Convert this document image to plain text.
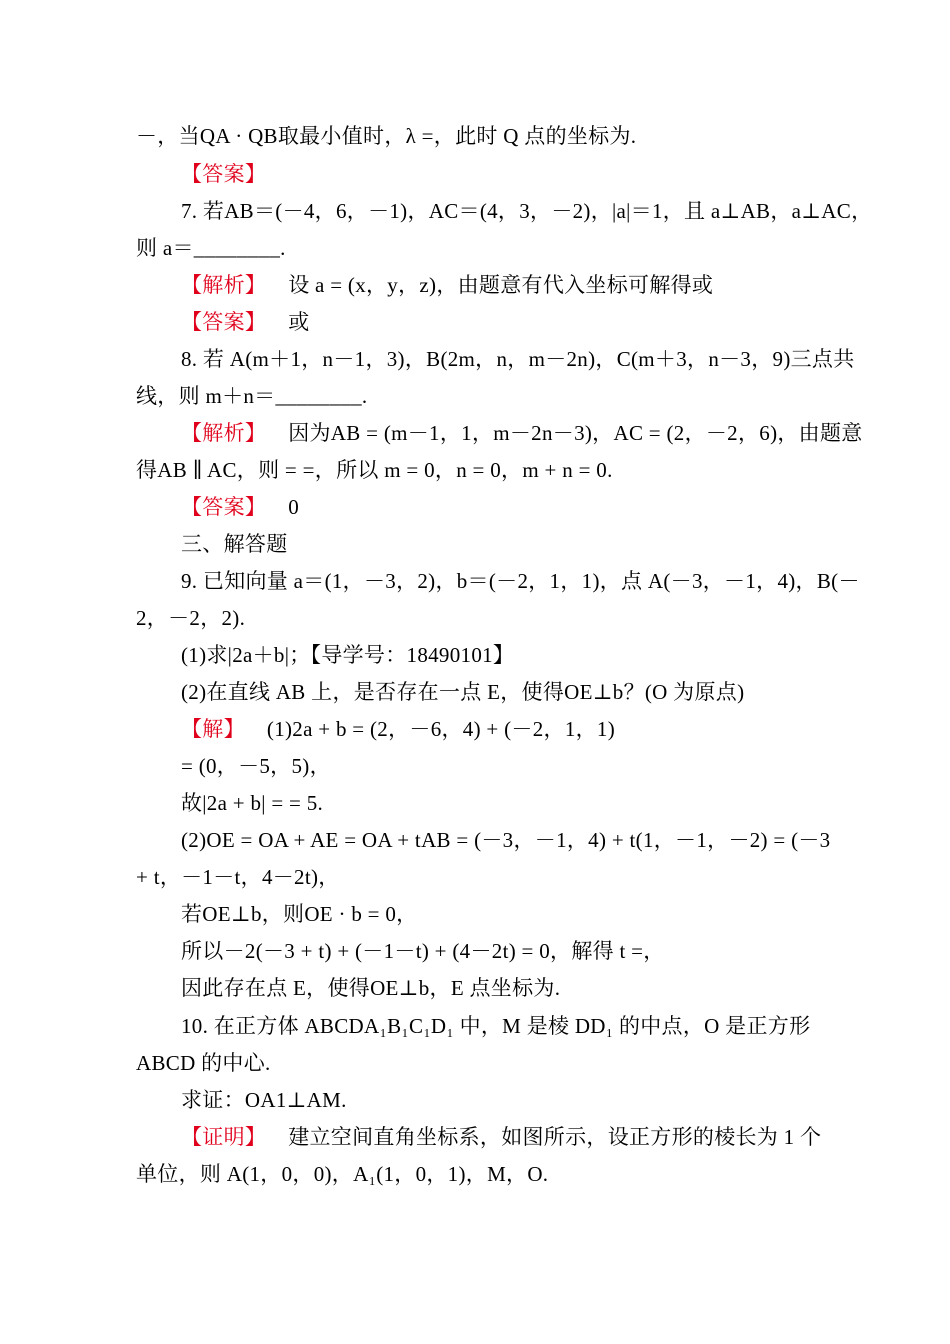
－，当QA · QB取最小值时，λ =，此时 Q 点的坐标为.
【答案】
7. 若AB＝(－4，6，－1)，AC＝(4，3，－2)，|a|＝1，且 a⊥AB，a⊥AC，
则 a＝________.
【解析】 设 a = (x，y，z)，由题意有代入坐标可解得或
【答案】 或
8. 若 A(m＋1，n－1，3)，B(2m，n，m－2n)，C(m＋3，n－3，9)三点共
线，则 m＋n＝________.
【解析】 因为AB = (m－1，1，m－2n－3)，AC = (2，－2，6)，由题意
得AB ∥ AC，则 = =，所以 m = 0，n = 0，m + n = 0.
【答案】 0
三、解答题
9. 已知向量 a＝(1，－3，2)，b＝(－2，1，1)，点 A(－3，－1，4)，B(－
2，－2，2).
(1)求|2a＋b|；【导学号：18490101】
(2)在直线 AB 上，是否存在一点 E，使得OE⊥b？(O 为原点)
【解】 (1)2a + b = (2，－6，4) + (－2，1，1)
= (0，－5，5)，
故|2a + b| = = 5.
(2)OE = OA + AE = OA + tAB = (－3，－1，4) + t(1，－1，－2) = (－3
+ t，－1－t，4－2t)，
若OE⊥b，则OE · b = 0，
所以－2(－3 + t) + (－1－t) + (4－2t) = 0，解得 t =，
因此存在点 E，使得OE⊥b，E 点坐标为.
10. 在正方体 ABCDA₁B₁C₁D₁ 中，M 是棱 DD₁ 的中点，O 是正方形
ABCD 的中心.
求证：OA1⊥AM.
【证明】 建立空间直角坐标系，如图所示，设正方形的棱长为 1 个
单位，则 A(1，0，0)，A₁(1，0，1)，M，O.
